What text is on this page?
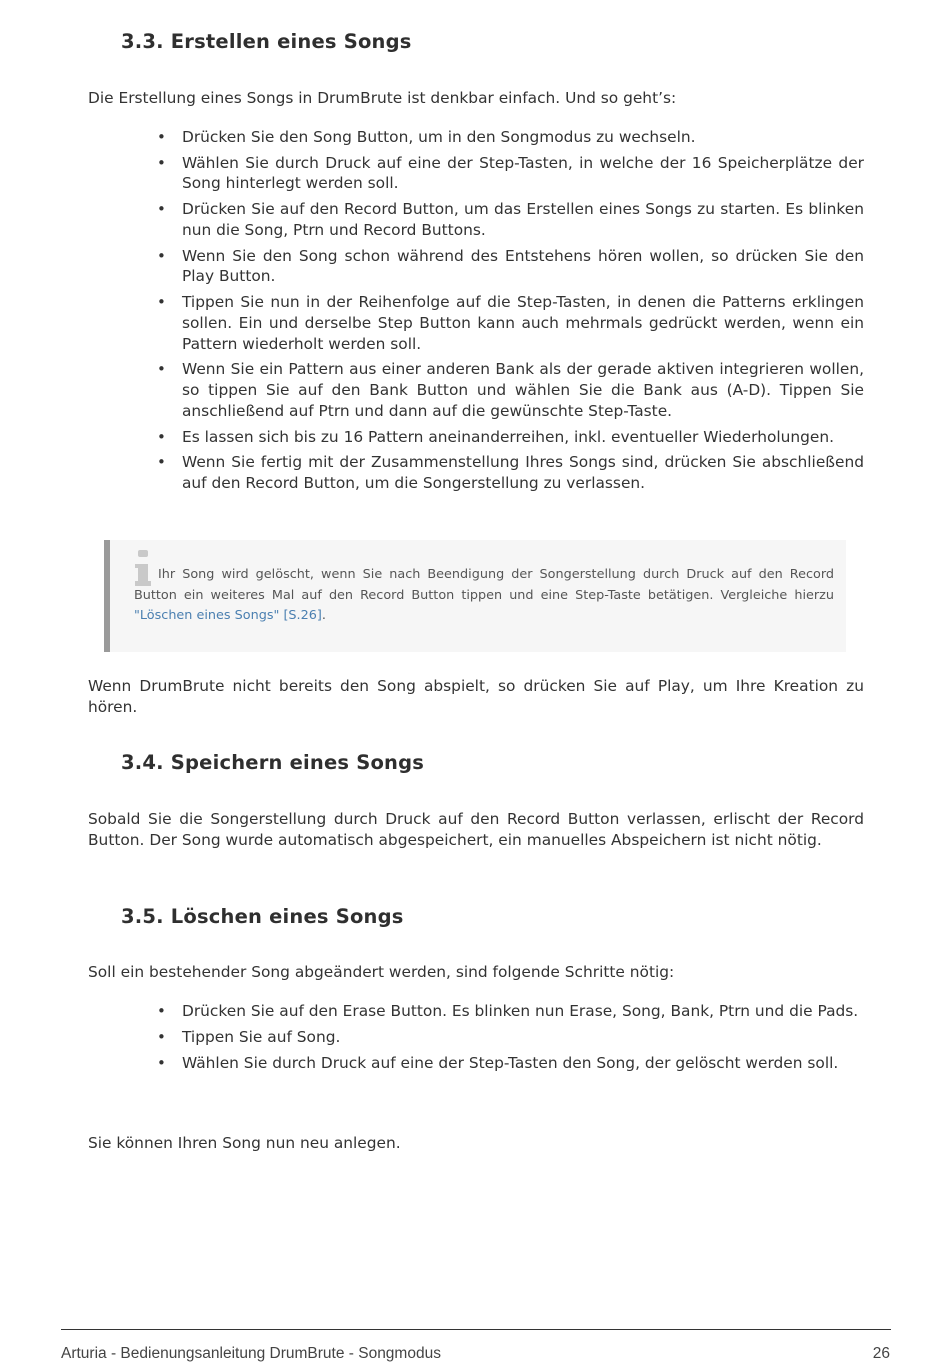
3.3. Erstellen eines Songs

Die Erstellung eines Songs in DrumBrute ist denkbar einfach. Und so geht’s:

• Drücken Sie den Song Button, um in den Songmodus zu wechseln.
• Wählen Sie durch Druck auf eine der Step-Tasten, in welche der 16 Speicherplätze der Song hinterlegt werden soll.
• Drücken Sie auf den Record Button, um das Erstellen eines Songs zu starten. Es blinken nun die Song, Ptrn und Record Buttons.
• Wenn Sie den Song schon während des Entstehens hören wollen, so drücken Sie den Play Button.
• Tippen Sie nun in der Reihenfolge auf die Step-Tasten, in denen die Patterns erklingen sollen. Ein und derselbe Step Button kann auch mehrmals gedrückt werden, wenn ein Pattern wiederholt werden soll.
• Wenn Sie ein Pattern aus einer anderen Bank als der gerade aktiven integrieren wollen, so tippen Sie auf den Bank Button und wählen Sie die Bank aus (A-D). Tippen Sie anschließend auf Ptrn und dann auf die gewünschte Step-Taste.
• Es lassen sich bis zu 16 Pattern aneinanderreihen, inkl. eventueller Wiederholungen.
• Wenn Sie fertig mit der Zusammenstellung Ihres Songs sind, drücken Sie abschließend auf den Record Button, um die Songerstellung zu verlassen.

Ihr Song wird gelöscht, wenn Sie nach Beendigung der Songerstellung durch Druck auf den Record Button ein weiteres Mal auf den Record Button tippen und eine Step-Taste betätigen. Vergleiche hierzu "Löschen eines Songs" [S.26].

Wenn DrumBrute nicht bereits den Song abspielt, so drücken Sie auf Play, um Ihre Kreation zu hören.

3.4. Speichern eines Songs

Sobald Sie die Songerstellung durch Druck auf den Record Button verlassen, erlischt der Record Button. Der Song wurde automatisch abgespeichert, ein manuelles Abspeichern ist nicht nötig.

3.5. Löschen eines Songs

Soll ein bestehender Song abgeändert werden, sind folgende Schritte nötig:

• Drücken Sie auf den Erase Button. Es blinken nun Erase, Song, Bank, Ptrn und die Pads.
• Tippen Sie auf Song.
• Wählen Sie durch Druck auf eine der Step-Tasten den Song, der gelöscht werden soll.

Sie können Ihren Song nun neu anlegen.

Arturia - Bedienungsanleitung DrumBrute - Songmodus	26
